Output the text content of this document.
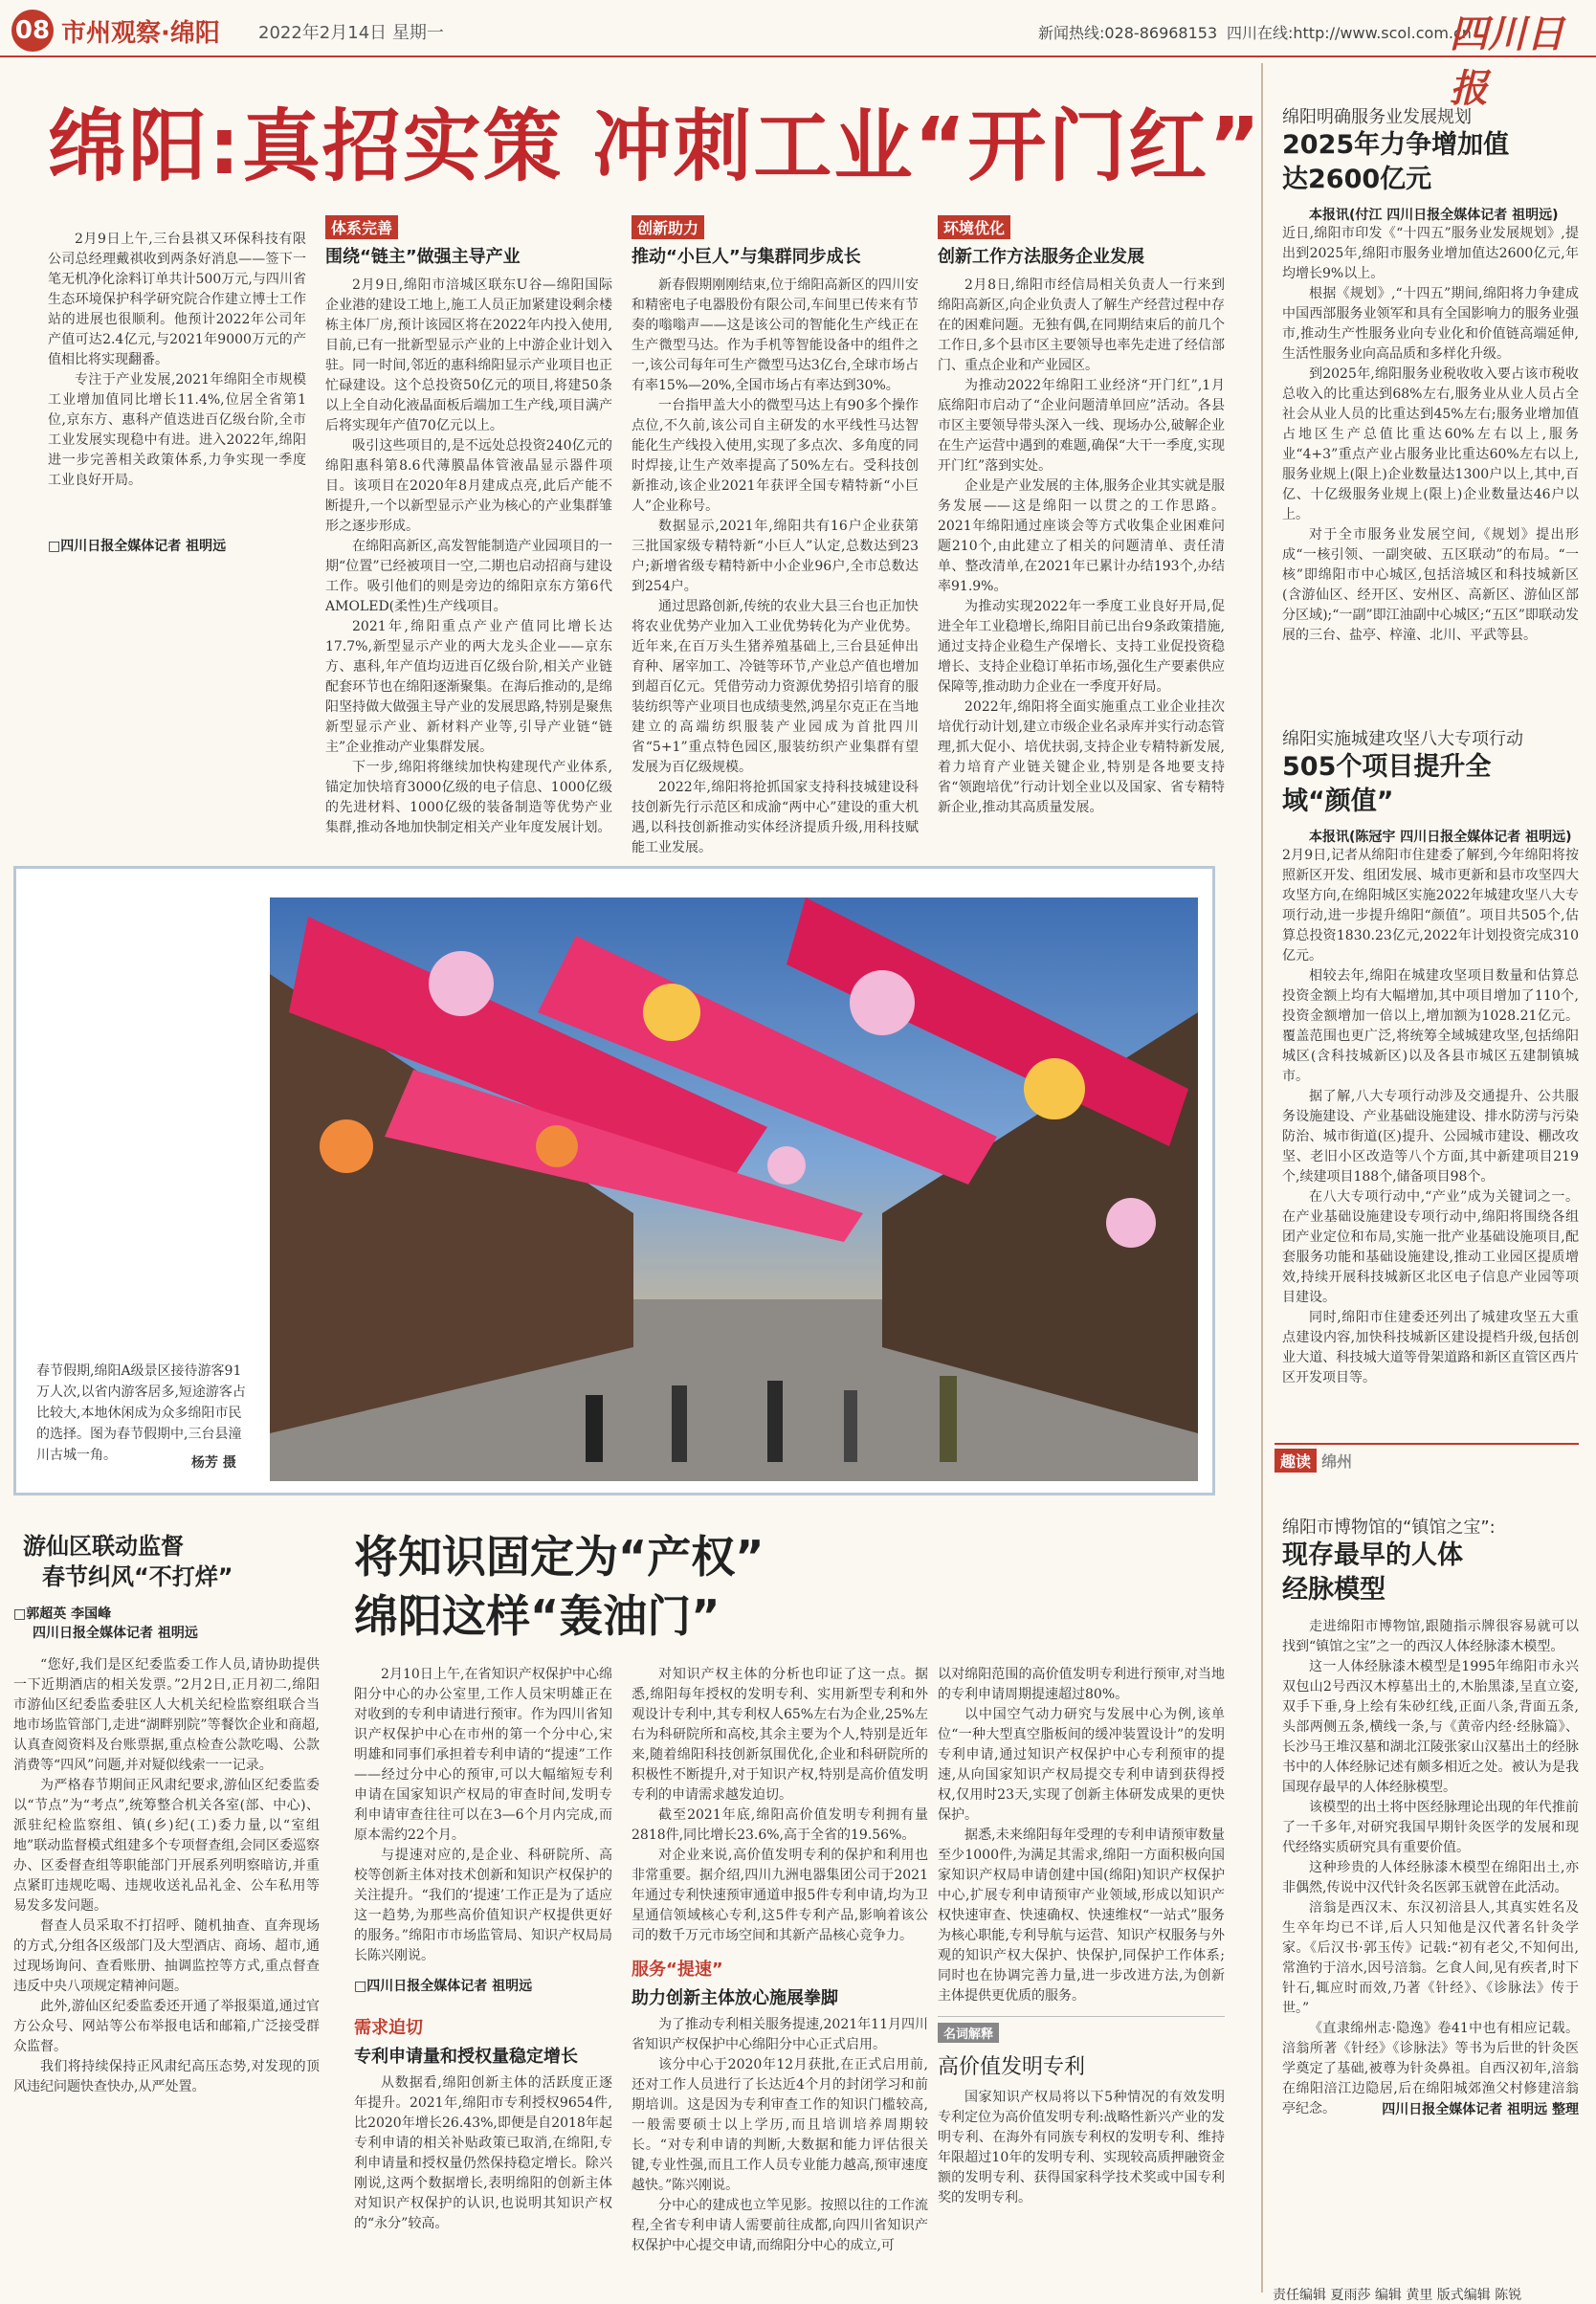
08 市州观察·绵阳 2022年2月14日 星期一	新闻热线:028-86968153 四川在线:http://www.scol.com.cn
四川日报
绵阳:真招实策 冲刺工业“开门红”

2月9日上午,三台县祺又环保科技有限公司总经理戴祺收到两条好消息——签下一笔无机净化涂料订单共计500万元,与四川省生态环境保护科学研究院合作建立博士工作站的进展也很顺利。他预计2022年公司年产值可达2.4亿元,与2021年9000万元的产值相比将实现翻番。

专注于产业发展,2021年绵阳全市规模工业增加值同比增长11.4%,位居全省第1位,京东方、惠科产值迭进百亿级台阶,全市工业发展实现稳中有进。进入2022年,绵阳进一步完善相关政策体系,力争实现一季度工业良好开局。

□四川日报全媒体记者 祖明远
体系完善
围绕“链主”做强主导产业

2月9日,绵阳市涪城区联东U谷—绵阳国际企业港的建设工地上,施工人员正加紧建设剩余楼栋主体厂房,预计该园区将在2022年内投入使用,目前,已有一批新型显示产业的上中游企业计划入驻。同一时间,邻近的惠科绵阳显示产业项目也正忙碌建设。这个总投资50亿元的项目,将建50条以上全自动化液晶面板后端加工生产线,项目满产后将实现年产值70亿元以上。

吸引这些项目的,是不远处总投资240亿元的绵阳惠科第8.6代薄膜晶体管液晶显示器件项目。该项目在2020年8月建成点亮,此后产能不断提升,一个以新型显示产业为核心的产业集群雏形之逐步形成。

在绵阳高新区,高发智能制造产业园项目的一期“位置”已经被项目一空,二期也启动招商与建设工作。吸引他们的则是旁边的绵阳京东方第6代AMOLED(柔性)生产线项目。

2021年,绵阳重点产业产值同比增长达17.7%,新型显示产业的两大龙头企业——京东方、惠科,年产值均迈进百亿级台阶,相关产业链配套环节也在绵阳逐渐聚集。在海后推动的,是绵阳坚持做大做强主导产业的发展思路,特别是聚焦新型显示产业、新材料产业等,引导产业链“链主”企业推动产业集群发展。

下一步,绵阳将继续加快构建现代产业体系,锚定加快培育3000亿级的电子信息、1000亿级的先进材料、1000亿级的装备制造等优势产业集群,推动各地加快制定相关产业年度发展计划。

创新助力
推动“小巨人”与集群同步成长

新春假期刚刚结束,位于绵阳高新区的四川安和精密电子电器股份有限公司,车间里已传来有节奏的嗡嗡声——这是该公司的智能化生产线正在生产微型马达。作为手机等智能设备中的组件之一,该公司每年可生产微型马达3亿台,全球市场占有率15%—20%,全国市场占有率达到30%。

一台指甲盖大小的微型马达上有90多个操作点位,不久前,该公司自主研发的水平线性马达智能化生产线投入使用,实现了多点次、多角度的同时焊接,让生产效率提高了50%左右。受科技创新推动,该企业2021年获评全国专精特新“小巨人”企业称号。

数据显示,2021年,绵阳共有16户企业获第三批国家级专精特新“小巨人”认定,总数达到23户;新增省级专精特新中小企业96户,全市总数达到254户。

通过思路创新,传统的农业大县三台也正加快将农业优势产业加入工业优势转化为产业优势。近年来,在百万头生猪养殖基础上,三台县延伸出育种、屠宰加工、冷链等环节,产业总产值也增加到超百亿元。凭借劳动力资源优势招引培育的服装纺织等产业项目也成绩斐然,鸿星尔克正在当地建立的高端纺织服装产业园成为首批四川省“5+1”重点特色园区,服装纺织产业集群有望发展为百亿级规模。

2022年,绵阳将抢抓国家支持科技城建设科技创新先行示范区和成渝“两中心”建设的重大机遇,以科技创新推动实体经济提质升级,用科技赋能工业发展。

环境优化
创新工作方法服务企业发展

2月8日,绵阳市经信局相关负责人一行来到绵阳高新区,向企业负责人了解生产经营过程中存在的困难问题。无独有偶,在同期结束后的前几个工作日,多个县市区主要领导也率先走进了经信部门、重点企业和产业园区。

为推动2022年绵阳工业经济“开门红”,1月底绵阳市启动了“企业问题清单回应”活动。各县市区主要领导带头深入一线、现场办公,破解企业在生产运营中遇到的难题,确保“大干一季度,实现开门红”落到实处。

企业是产业发展的主体,服务企业其实就是服务发展——这是绵阳一以贯之的工作思路。2021年绵阳通过座谈会等方式收集企业困难问题210个,由此建立了相关的问题清单、责任清单、整改清单,在2021年已累计办结193个,办结率91.9%。

为推动实现2022年一季度工业良好开局,促进全年工业稳增长,绵阳目前已出台9条政策措施,通过支持企业稳生产保增长、支持工业促投资稳增长、支持企业稳订单拓市场,强化生产要素供应保障等,推动助力企业在一季度开好局。

2022年,绵阳将全面实施重点工业企业挂次培优行动计划,建立市级企业名录库并实行动态管理,抓大促小、培优扶弱,支持企业专精特新发展,着力培育产业链关键企业,特别是各地要支持省“领跑培优”行动计划全业以及国家、省专精特新企业,推动其高质量发展。

春节假期,绵阳A级景区接待游客91万人次,以省内游客居多,短途游客占比较大,本地休闲成为众多绵阳市民的选择。图为春节假期中,三台县潼川古城一角。	杨芳 摄
绵阳明确服务业发展规划
2025年力争增加值达2600亿元
本报讯(付江 四川日报全媒体记者 祖明远)

近日,绵阳市印发《“十四五”服务业发展规划》,提出到2025年,绵阳市服务业增加值达2600亿元,年均增长9%以上。

根据《规划》,“十四五”期间,绵阳将力争建成中国西部服务业领军和具有全国影响力的服务业强市,推动生产性服务业向专业化和价值链高端延伸,生活性服务业向高品质和多样化升级。

到2025年,绵阳服务业税收收入要占该市税收总收入的比重达到68%左右,服务业从业人员占全社会从业人员的比重达到45%左右;服务业增加值占地区生产总值比重达60%左右以上,服务业“4+3”重点产业占服务业比重达60%左右以上,服务业规上(限上)企业数量达1300户以上,其中,百亿、十亿级服务业规上(限上)企业数量达46户以上。

对于全市服务业发展空间,《规划》提出形成“一核引领、一副突破、五区联动”的布局。“一核”即绵阳市中心城区,包括涪城区和科技城新区(含游仙区、经开区、安州区、高新区、游仙区部分区域);“一副”即江油副中心城区;“五区”即联动发展的三台、盐亭、梓潼、北川、平武等县。

绵阳实施城建攻坚八大专项行动
505个项目提升全域“颜值”
本报讯(陈冠宇 四川日报全媒体记者 祖明远)

2月9日,记者从绵阳市住建委了解到,今年绵阳将按照新区开发、组团发展、城市更新和县市攻坚四大攻坚方向,在绵阳城区实施2022年城建攻坚八大专项行动,进一步提升绵阳“颜值”。项目共505个,估算总投资1830.23亿元,2022年计划投资完成310亿元。

相较去年,绵阳在城建攻坚项目数量和估算总投资金额上均有大幅增加,其中项目增加了110个,投资金额增加一倍以上,增加额为1028.21亿元。覆盖范围也更广泛,将统筹全域城建攻坚,包括绵阳城区(含科技城新区)以及各县市城区五建制镇城市。

据了解,八大专项行动涉及交通提升、公共服务设施建设、产业基础设施建设、排水防涝与污染防治、城市街道(区)提升、公园城市建设、棚改攻坚、老旧小区改造等八个方面,其中新建项目219个,续建项目188个,储备项目98个。

在八大专项行动中,“产业”成为关键词之一。在产业基础设施建设专项行动中,绵阳将围绕各组团产业定位和布局,实施一批产业基础设施项目,配套服务功能和基础设施建设,推动工业园区提质增效,持续开展科技城新区北区电子信息产业园等项目建设。

同时,绵阳市住建委还列出了城建攻坚五大重点建设内容,加快科技城新区建设提档升级,包括创业大道、科技城大道等骨架道路和新区直管区西片区开发项目等。

趣读 绵州
绵阳市博物馆的“镇馆之宝”:
现存最早的人体经脉模型

走进绵阳市博物馆,跟随指示牌很容易就可以找到“镇馆之宝”之一的西汉人体经脉漆木模型。

这一人体经脉漆木模型是1995年绵阳市永兴双包山2号西汉木椁墓出土的,木胎黑漆,呈直立姿,双手下垂,身上绘有朱砂红线,正面八条,背面五条,头部两侧五条,横线一条,与《黄帝内经·经脉篇》、长沙马王堆汉墓和湖北江陵张家山汉墓出土的经脉书中的人体经脉记述有颇多相近之处。被认为是我国现存最早的人体经脉模型。

该模型的出土将中医经脉理论出现的年代推前了一千多年,对研究我国早期针灸医学的发展和现代经络实质研究具有重要价值。

这种珍贵的人体经脉漆木模型在绵阳出土,亦非偶然,传说中汉代针灸名医郭玉就曾在此活动。

涪翁是西汉末、东汉初涪县人,其真实姓名及生卒年均已不详,后人只知他是汉代著名针灸学家。《后汉书·郭玉传》记载:“初有老父,不知何出,常渔钓于涪水,因号涪翁。乞食人间,见有疾者,时下针石,辄应时而效,乃著《针经》、《诊脉法》传于世。”

《直隶绵州志·隐逸》卷41中也有相应记载。涪翁所著《针经》《诊脉法》等书为后世的针灸医学奠定了基础,被尊为针灸鼻祖。自西汉初年,涪翁在绵阳涪江边隐居,后在绵阳城郊渔父村修建涪翁亭纪念。	四川日报全媒体记者 祖明远 整理
游仙区联动监督
春节纠风“不打烊”
□郭超英 李国峰
四川日报全媒体记者 祖明远

“您好,我们是区纪委监委工作人员,请协助提供一下近期酒店的相关发票。”2月2日,正月初二,绵阳市游仙区纪委监委驻区人大机关纪检监察组联合当地市场监管部门,走进“湖畔别院”等餐饮企业和商超,认真查阅资料及台账票据,重点检查公款吃喝、公款消费等“四风”问题,并对疑似线索一一记录。

为严格春节期间正风肃纪要求,游仙区纪委监委以“节点”为“考点”,统筹整合机关各室(部、中心)、派驻纪检监察组、镇(乡)纪(工)委力量,以“室组地”联动监督模式组建多个专项督查组,会同区委巡察办、区委督查组等职能部门开展系列明察暗访,并重点紧盯违规吃喝、违规收送礼品礼金、公车私用等易发多发问题。

督查人员采取不打招呼、随机抽查、直奔现场的方式,分组各区级部门及大型酒店、商场、超市,通过现场询问、查看账册、抽调监控等方式,重点督查违反中央八项规定精神问题。

此外,游仙区纪委监委还开通了举报渠道,通过官方公众号、网站等公布举报电话和邮箱,广泛接受群众监督。

我们将持续保持正风肃纪高压态势,对发现的顶风违纪问题快查快办,从严处置。

将知识固定为“产权”
绵阳这样“轰油门”

2月10日上午,在省知识产权保护中心绵阳分中心的办公室里,工作人员宋明雄正在对收到的专利申请进行预审。作为四川省知识产权保护中心在市州的第一个分中心,宋明雄和同事们承担着专利申请的“提速”工作——经过分中心的预审,可以大幅缩短专利申请在国家知识产权局的审查时间,发明专利申请审查往往可以在3—6个月内完成,而原本需约22个月。

与提速对应的,是企业、科研院所、高校等创新主体对技术创新和知识产权保护的关注提升。“我们的‘提速’工作正是为了适应这一趋势,为那些高价值知识产权提供更好的服务。”绵阳市市场监管局、知识产权局局长陈兴刚说。

□四川日报全媒体记者 祖明远
需求迫切
专利申请量和授权量稳定增长

从数据看,绵阳创新主体的活跃度正逐年提升。2021年,绵阳市专利授权9654件,比2020年增长26.43%,即便是自2018年起专利申请的相关补贴政策已取消,在绵阳,专利申请量和授权量仍然保持稳定增长。除兴刚说,这两个数据增长,表明绵阳的创新主体对知识产权保护的认识,也说明其知识产权的“永分”较高。

对知识产权主体的分析也印证了这一点。据悉,绵阳每年授权的发明专利、实用新型专利和外观设计专利中,其专利权人65%左右为企业,25%左右为科研院所和高校,其余主要为个人,特别是近年来,随着绵阳科技创新氛围优化,企业和科研院所的积极性不断提升,对于知识产权,特别是高价值发明专利的申请需求越发迫切。

截至2021年底,绵阳高价值发明专利拥有量2818件,同比增长23.6%,高于全省的19.56%。

对企业来说,高价值发明专利的保护和利用也非常重要。据介绍,四川九洲电器集团公司于2021年通过专利快速预审通道申报5件专利申请,均为卫星通信领域核心专利,这5件专利产品,影响着该公司的数千万元市场空间和其新产品核心竞争力。

服务“提速”
助力创新主体放心施展拳脚

为了推动专利相关服务提速,2021年11月四川省知识产权保护中心绵阳分中心正式启用。

该分中心于2020年12月获批,在正式启用前,还对工作人员进行了长达近4个月的封闭学习和前期培训。这是因为专利审查工作的知识门槛较高,一般需要硕士以上学历,而且培训培养周期较长。“对专利申请的判断,大数据和能力评估很关键,专业性强,而且工作人员专业能力越高,预审速度越快。”陈兴刚说。

分中心的建成也立竿见影。按照以往的工作流程,全省专利申请人需要前往成都,向四川省知识产权保护中心提交申请,而绵阳分中心的成立,可

以对绵阳范围的高价值发明专利进行预审,对当地的专利申请周期提速超过80%。

以中国空气动力研究与发展中心为例,该单位“一种大型真空脂板间的缓冲装置设计”的发明专利申请,通过知识产权保护中心专利预审的提速,从向国家知识产权局提交专利申请到获得授权,仅用时23天,实现了创新主体研发成果的更快保护。

据悉,未来绵阳每年受理的专利申请预审数量至少1000件,为满足其需求,绵阳一方面积极向国家知识产权局申请创建中国(绵阳)知识产权保护中心,扩展专利申请预审产业领域,形成以知识产权快速审查、快速确权、快速维权“一站式”服务为核心职能,专利导航与运营、知识产权服务与外观的知识产权大保护、快保护,同保护工作体系;同时也在协调完善力量,进一步改进方法,为创新主体提供更优质的服务。

名词解释
高价值发明专利

国家知识产权局将以下5种情况的有效发明专利定位为高价值发明专利:战略性新兴产业的发明专利、在海外有同族专利权的发明专利、维持年限超过10年的发明专利、实现较高质押融资金额的发明专利、获得国家科学技术奖或中国专利奖的发明专利。

责任编辑 夏雨莎 编辑 黄里 版式编辑 陈锐
